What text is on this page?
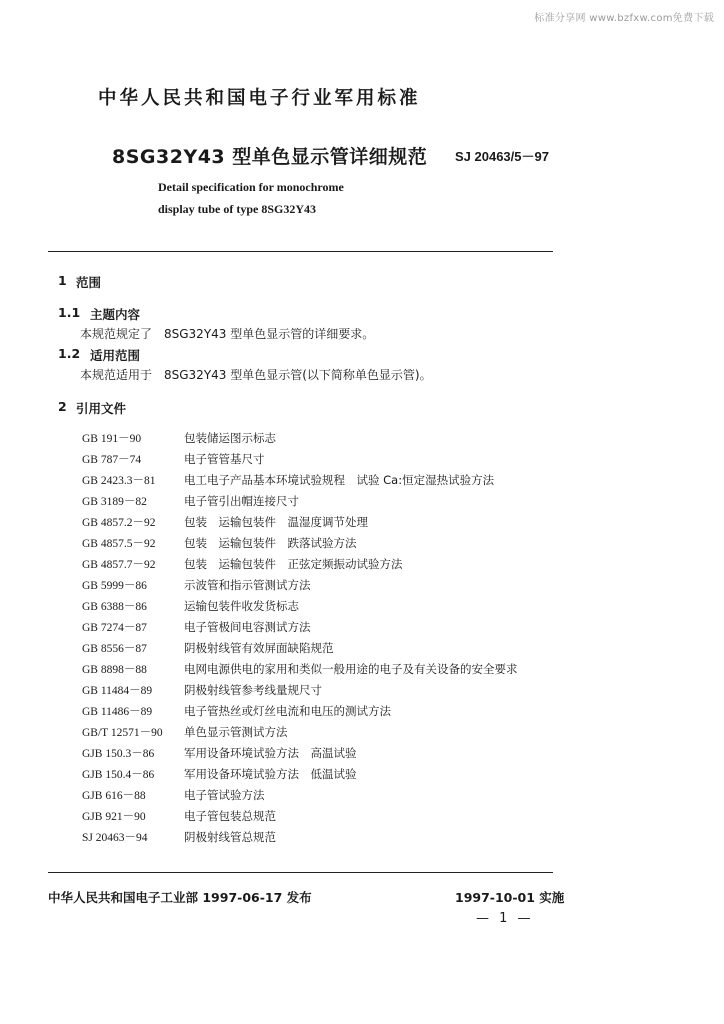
标准分享网 www.bzfxw.com免费下载
中华人民共和国电子行业军用标准
8SG32Y43 型单色显示管详细规范 SJ 20463/5－97
Detail specification for monochrome
display tube of type 8SG32Y43
1 范围
1.1 主题内容
本规范规定了　8SG32Y43 型单色显示管的详细要求。
1.2 适用范围
本规范适用于　8SG32Y43 型单色显示管(以下简称单色显示管)。
2 引用文件
GB 191－90	包装储运图示标志
GB 787－74	电子管管基尺寸
GB 2423.3－81 电工电子产品基本环境试验规程　试验 Ca:恒定湿热试验方法
GB 3189－82	电子管引出帽连接尺寸
GB 4857.2－92 包装　运输包装件　温湿度调节处理
GB 4857.5－92 包装　运输包装件　跌落试验方法
GB 4857.7－92 包装　运输包装件　正弦定频振动试验方法
GB 5999－86	示波管和指示管测试方法
GB 6388－86	运输包装件收发货标志
GB 7274－87	电子管极间电容测试方法
GB 8556－87	阴极射线管有效屏面缺陷规范
GB 8898－88	电网电源供电的家用和类似一般用途的电子及有关设备的安全要求
GB 11484－89	阴极射线管参考线量规尺寸
GB 11486－89	电子管热丝或灯丝电流和电压的测试方法
GB/T 12571－90 单色显示管测试方法
GJB 150.3－86	军用设备环境试验方法　高温试验
GJB 150.4－86	军用设备环境试验方法　低温试验
GJB 616－88	电子管试验方法
GJB 921－90	电子管包装总规范
SJ 20463－94	阴极射线管总规范
中华人民共和国电子工业部 1997-06-17 发布	1997-10-01 实施
— 1 —
